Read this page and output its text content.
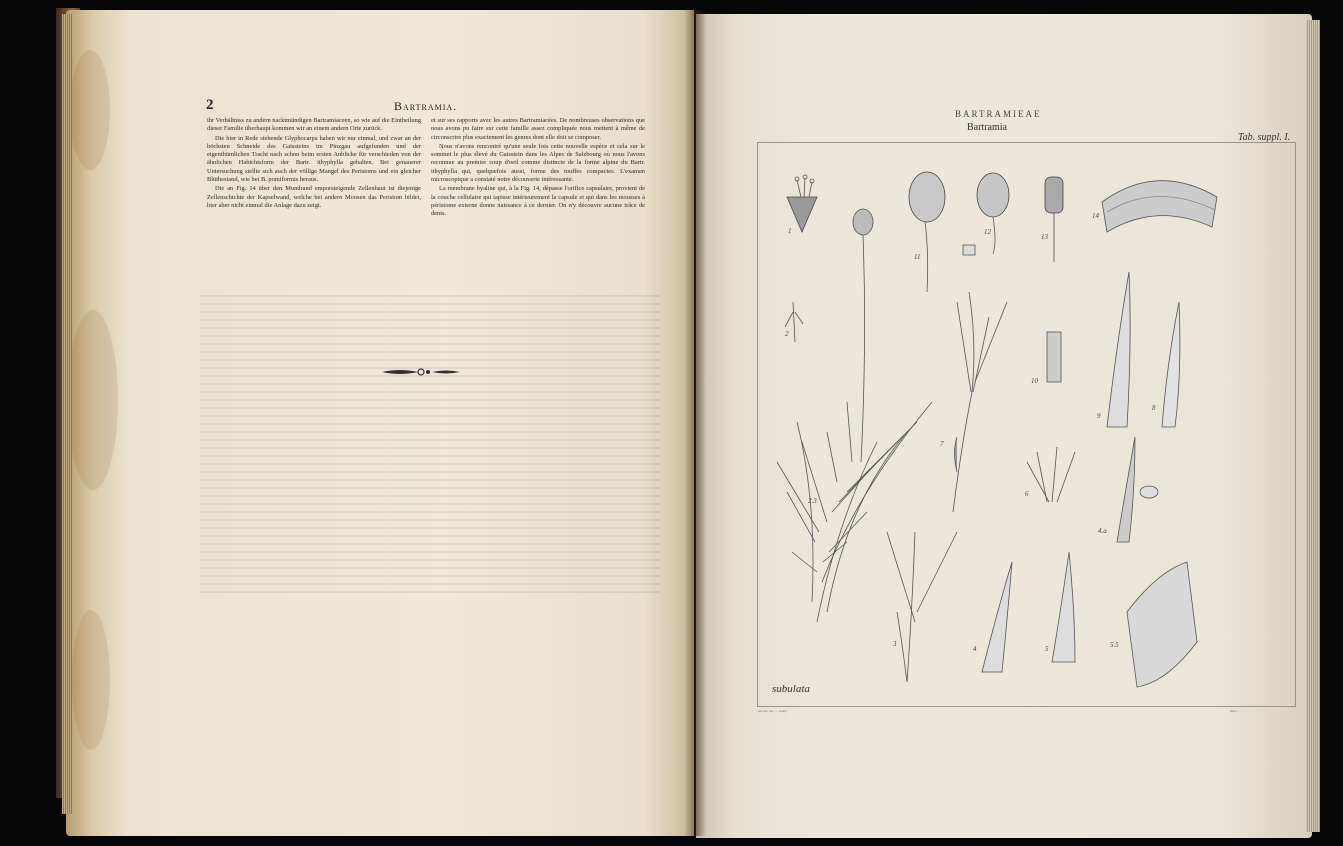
2	Bartramia.

ihr Verhältniss zu andern nacktmündigen Bartramiaceen, so wie auf die Eintheilung dieser Familie überhaupt kommen wir an einem andern Orte zurück.

Die hier in Rede stehende Glyphocarpa haben wir nur einmal, und zwar an der höchsten Schneide des Gaissteins im Pinzgau aufgefunden und der eigenthümlichen Tracht nach schon beim ersten Anblicke für verschieden von der ähnlichen Habichtsform der Bartr. ithyphylla gehalten. Bei genauerer Untersuchung stellte sich auch der völlige Mangel des Peristoms und ein gleicher Blüthestand, wie bei B. pomiformis heraus.

Die an Fig. 14 über den Mundrand emporsteigende Zellenhaut ist diejenige Zellenschichte der Kapselwand, welche bei andern Moosen das Peristom bildet, hier aber nicht einmal die Anlage dazu zeigt.

et sur ses rapports avec les autres Bartramiacées. De nombreuses observations que nous avons pu faire sur cette famille assez compliquée nous mettent à même de circonscrire plus exactement les genres dont elle doit se composer.

Nous n'avons rencontré qu'une seule fois cette nouvelle espèce et cela sur le sommet le plus élevé du Gaisstein dans les Alpes de Salzbourg où nous l'avons reconnue au premier coup d'oeil comme distincte de la forme alpine du Bartr. ithyphylla qui, quelquefois aussi, forme des touffes compactes. L'examen microscopique a constaté notre découverte intéressante.

La membrane hyaline qui, à la Fig. 14, dépasse l'orifice capsulaire, provient de la couche cellulaire qui tapisse intérieurement la capsule et qui dans les mousses à péristome externe donne naissance à ce dernier. On n'y découvre aucune trâce de dents.

BARTRAMIEAE
Bartramia
Tab. suppl. I.
1
2
3
4	5
6
7
8
9
10
11
12
13
14
2.3
4.a
5.5
subulata
Ad nat. del. ... sculp.	Impr. ...
